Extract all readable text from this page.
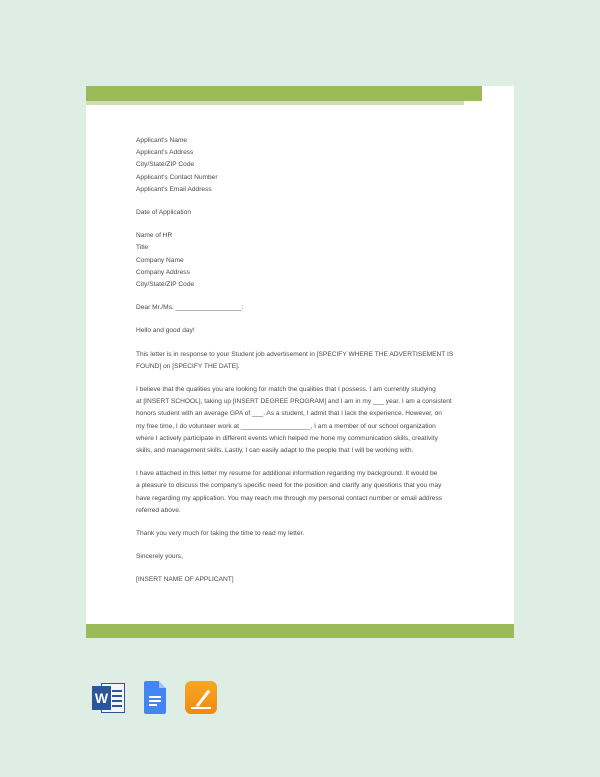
Applicant's Name
Applicant's Address
City/State/ZIP Code
Applicant's Contact Number
Applicant's Email Address
Date of Application
Name of HR
Title
Company Name
Company Address
City/State/ZIP Code
Dear Mr./Ms. __________________:
Hello and good day!
This letter is in response to your Student job advertisement in [SPECIFY WHERE THE ADVERTISEMENT IS
FOUND] on [SPECIFY THE DATE].
I believe that the qualities you are looking for match the qualities that I possess. I am currently studying
at [INSERT SCHOOL], taking up [INSERT DEGREE PROGRAM] and I am in my ___ year. I am a consistent
honors student with an average GPA of ___. As a student, I admit that I lack the experience. However, on
my free time, I do volunteer work at ___________________, I am a member of our school organization
where I actively participate in different events which helped me hone my communication skills, creativity
skills, and management skills. Lastly, I can easily adapt to the people that I will be working with.
I have attached in this letter my resume for additional information regarding my background. It would be
a pleasure to discuss the company's specific need for the position and clarify any questions that you may
have regarding my application. You may reach me through my personal contact number or email address
referred above.
Thank you very much for taking the time to read my letter.
Sincerely yours,
[INSERT NAME OF APPLICANT]
W
